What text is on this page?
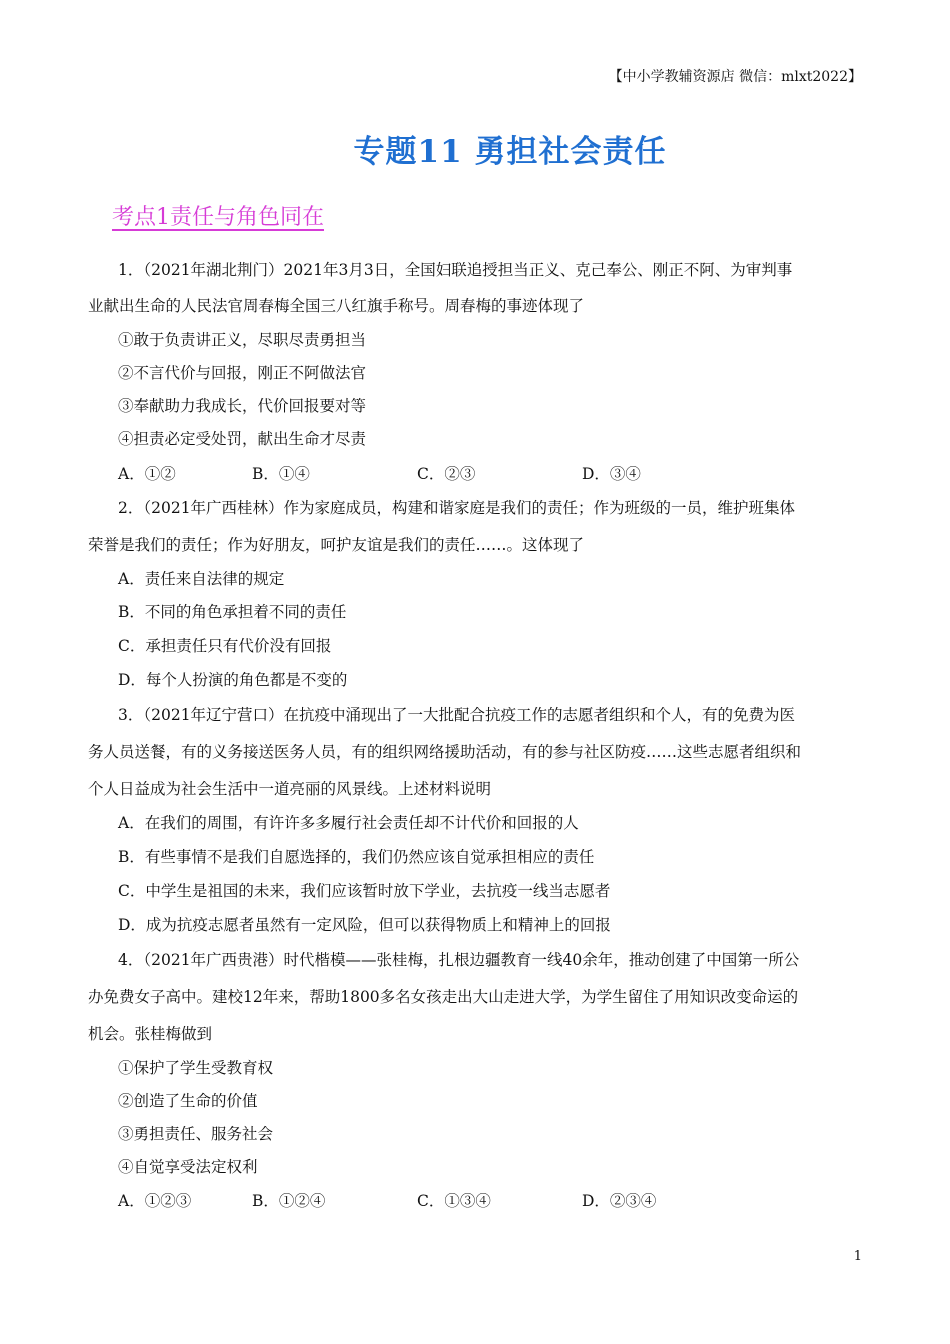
【中小学教辅资源店 微信：mlxt2022】
专题11 勇担社会责任
考点1责任与角色同在
1．（2021年湖北荆门）2021年3月3日，全国妇联追授担当正义、克己奉公、刚正不阿、为审判事
业献出生命的人民法官周春梅全国三八红旗手称号。周春梅的事迹体现了
①敢于负责讲正义，尽职尽责勇担当
②不言代价与回报，刚正不阿做法官
③奉献助力我成长，代价回报要对等
④担责必定受处罚，献出生命才尽责
A．①②	B．①④	C．②③	D．③④
2．（2021年广西桂林）作为家庭成员，构建和谐家庭是我们的责任；作为班级的一员，维护班集体
荣誉是我们的责任；作为好朋友，呵护友谊是我们的责任……。这体现了
A．责任来自法律的规定
B．不同的角色承担着不同的责任
C．承担责任只有代价没有回报
D．每个人扮演的角色都是不变的
3．（2021年辽宁营口）在抗疫中涌现出了一大批配合抗疫工作的志愿者组织和个人，有的免费为医
务人员送餐，有的义务接送医务人员，有的组织网络援助活动，有的参与社区防疫……这些志愿者组织和
个人日益成为社会生活中一道亮丽的风景线。上述材料说明
A．在我们的周围，有许许多多履行社会责任却不计代价和回报的人
B．有些事情不是我们自愿选择的，我们仍然应该自觉承担相应的责任
C．中学生是祖国的未来，我们应该暂时放下学业，去抗疫一线当志愿者
D．成为抗疫志愿者虽然有一定风险，但可以获得物质上和精神上的回报
4．（2021年广西贵港）时代楷模——张桂梅，扎根边疆教育一线40余年，推动创建了中国第一所公
办免费女子高中。建校12年来，帮助1800多名女孩走出大山走进大学，为学生留住了用知识改变命运的
机会。张桂梅做到
①保护了学生受教育权
②创造了生命的价值
③勇担责任、服务社会
④自觉享受法定权利
A．①②③	B．①②④	C．①③④	D．②③④
1
